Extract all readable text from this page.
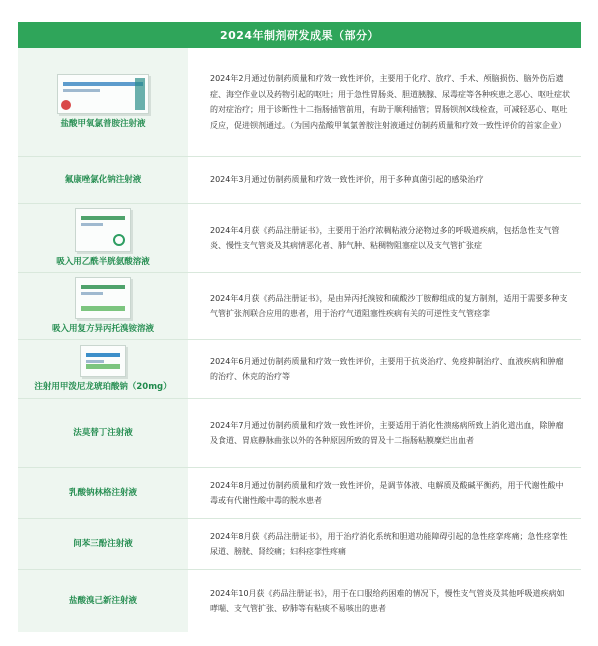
2024年制剂研发成果（部分）
盐酸甲氧氯普胺注射液

2024年2月通过仿制药质量和疗效一致性评价，主要用于化疗、放疗、手术、颅脑损伤、脑外伤后遗症、海空作业以及药物引起的呕吐；用于急性胃肠炎、胆道胰腺、尿毒症等各种疾患之恶心、呕吐症状的对症治疗；用于诊断性十二指肠插管前用，有助于顺利插管；胃肠钡剂X线检查，可减轻恶心、呕吐反应，促进钡剂通过。（为国内盐酸甲氧氯普胺注射液通过仿制药质量和疗效一致性评价的首家企业）

氟康唑氯化钠注射液	2024年3月通过仿制药质量和疗效一致性评价，用于多种真菌引起的感染治疗

吸入用乙酰半胱氨酸溶液

2024年4月获《药品注册证书》，主要用于治疗浓稠粘液分泌物过多的呼吸道疾病，包括急性支气管炎、慢性支气管炎及其病情恶化者、肺气肿、粘稠物阻塞症以及支气管扩张症

吸入用复方异丙托溴铵溶液

2024年4月获《药品注册证书》，是由异丙托溴铵和硫酸沙丁胺醇组成的复方制剂，适用于需要多种支气管扩张剂联合应用的患者，用于治疗气道阻塞性疾病有关的可逆性支气管痉挛

注射用甲泼尼龙琥珀酸钠（20mg）

2024年6月通过仿制药质量和疗效一致性评价，主要用于抗炎治疗、免疫抑制治疗、血液疾病和肿瘤的治疗、休克的治疗等

法莫替丁注射液

2024年7月通过仿制药质量和疗效一致性评价，主要适用于消化性溃疡病所致上消化道出血，除肿瘤及食道、胃底静脉曲张以外的各种原因所致的胃及十二指肠粘膜糜烂出血者

乳酸钠林格注射液

2024年8月通过仿制药质量和疗效一致性评价，是调节体液、电解质及酸碱平衡药，用于代谢性酸中毒或有代谢性酸中毒的脱水患者

间苯三酚注射液

2024年8月获《药品注册证书》，用于治疗消化系统和胆道功能障碍引起的急性痉挛疼痛；急性痉挛性尿道、膀胱、肾绞痛；妇科痉挛性疼痛

盐酸溴己新注射液

2024年10月获《药品注册证书》，用于在口服给药困难的情况下，慢性支气管炎及其他呼吸道疾病如哮喘、支气管扩张、矽肺等有粘痰不易咳出的患者
